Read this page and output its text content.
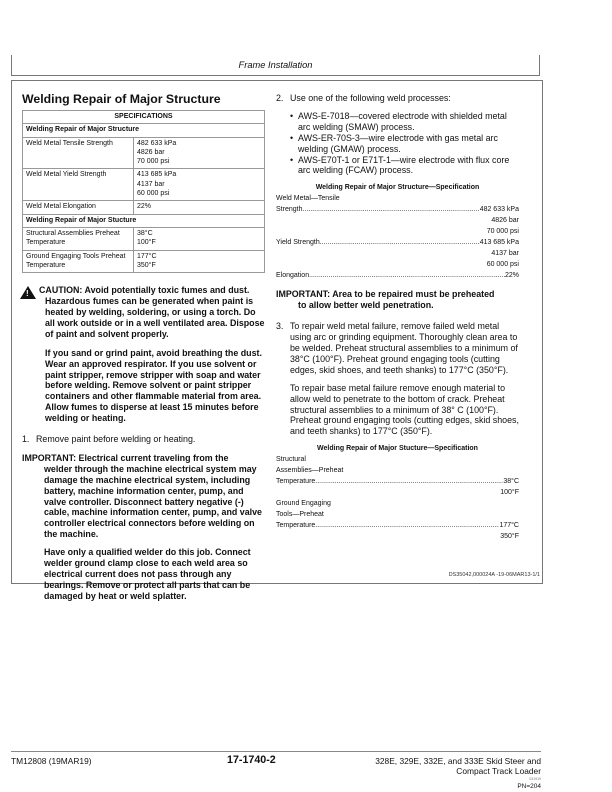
Frame Installation
Welding Repair of Major Structure
SPECIFICATIONS	
Welding Repair of Major Structure	
Weld Metal Tensile Strength	482 633 kPa
4826 bar
70 000 psi

Weld Metal Yield Strength	413 685 kPa
4137 bar
60 000 psi

Weld Metal Elongation	22%
Welding Repair of Major Stucture	
Structural Assemblies Preheat Temperature	38°C
100°F

Ground Engaging Tools Preheat Temperature	177°C
350°F
!

CAUTION: Avoid potentially toxic fumes and dust.

Hazardous fumes can be generated when paint is heated by welding, soldering, or using a torch. Do all work outside or in a well ventilated area. Dispose of paint and solvent properly.

If you sand or grind paint, avoid breathing the dust. Wear an approved respirator. If you use solvent or paint stripper, remove stripper with soap and water before welding. Remove solvent or paint stripper containers and other flammable material from area. Allow fumes to disperse at least 15 minutes before welding or heating.

1. Remove paint before welding or heating.
IMPORTANT: Electrical current traveling from the
welder through the machine electrical system may damage the machine electrical system, including battery, machine information center, pump, and valve controller. Disconnect battery negative (-) cable, machine information center, pump, and valve controller electrical connectors before welding on the machine.

Have only a qualified welder do this job. Connect welder ground clamp close to each weld area so electrical current does not pass through any bearings. Remove or protect all parts that can be damaged by heat or weld splatter.

2. Use one of the following weld processes:
• AWS-E-7018—covered electrode with shielded metal arc welding (SMAW) process.
• AWS-ER-70S-3—wire electrode with gas metal arc welding (GMAW) process.
• AWS-E70T-1 or E71T-1—wire electrode with flux core arc welding (FCAW) process.
Welding Repair of Major Structure—Specification
Weld Metal—Tensile
Strength .....	482 633 kPa
4826 bar
70 000 psi
Yield Strength .....	413 685 kPa
4137 bar
60 000 psi
Elongation .....	22%
IMPORTANT: Area to be repaired must be preheated
to allow better weld penetration.
3. To repair weld metal failure, remove failed weld metal using arc or grinding equipment. Thoroughly clean area to be welded. Preheat structural assemblies to a minimum of 38°C (100°F). Preheat ground engaging tools (cutting edges, skid shoes, and teeth shanks) to 177°C (350°F).
To repair base metal failure remove enough material to allow weld to penetrate to the bottom of crack. Preheat structural assemblies to a minimum of 38° C (100°F). Preheat ground engaging tools (cutting edges, skid shoes, and teeth shanks) to 177°C (350°F).
Welding Repair of Major Stucture—Specification
Structural
Assemblies—Preheat
Temperature .....	38°C
100°F
Ground Engaging
Tools—Preheat
Temperature .....	177°C
350°F
DS35042,000024A -19-06MAR13-1/1
TM12808 (19MAR19)	17-1740-2	328E, 329E, 332E, and 333E Skid Steer and
Compact Track Loader
031919
PN=204
